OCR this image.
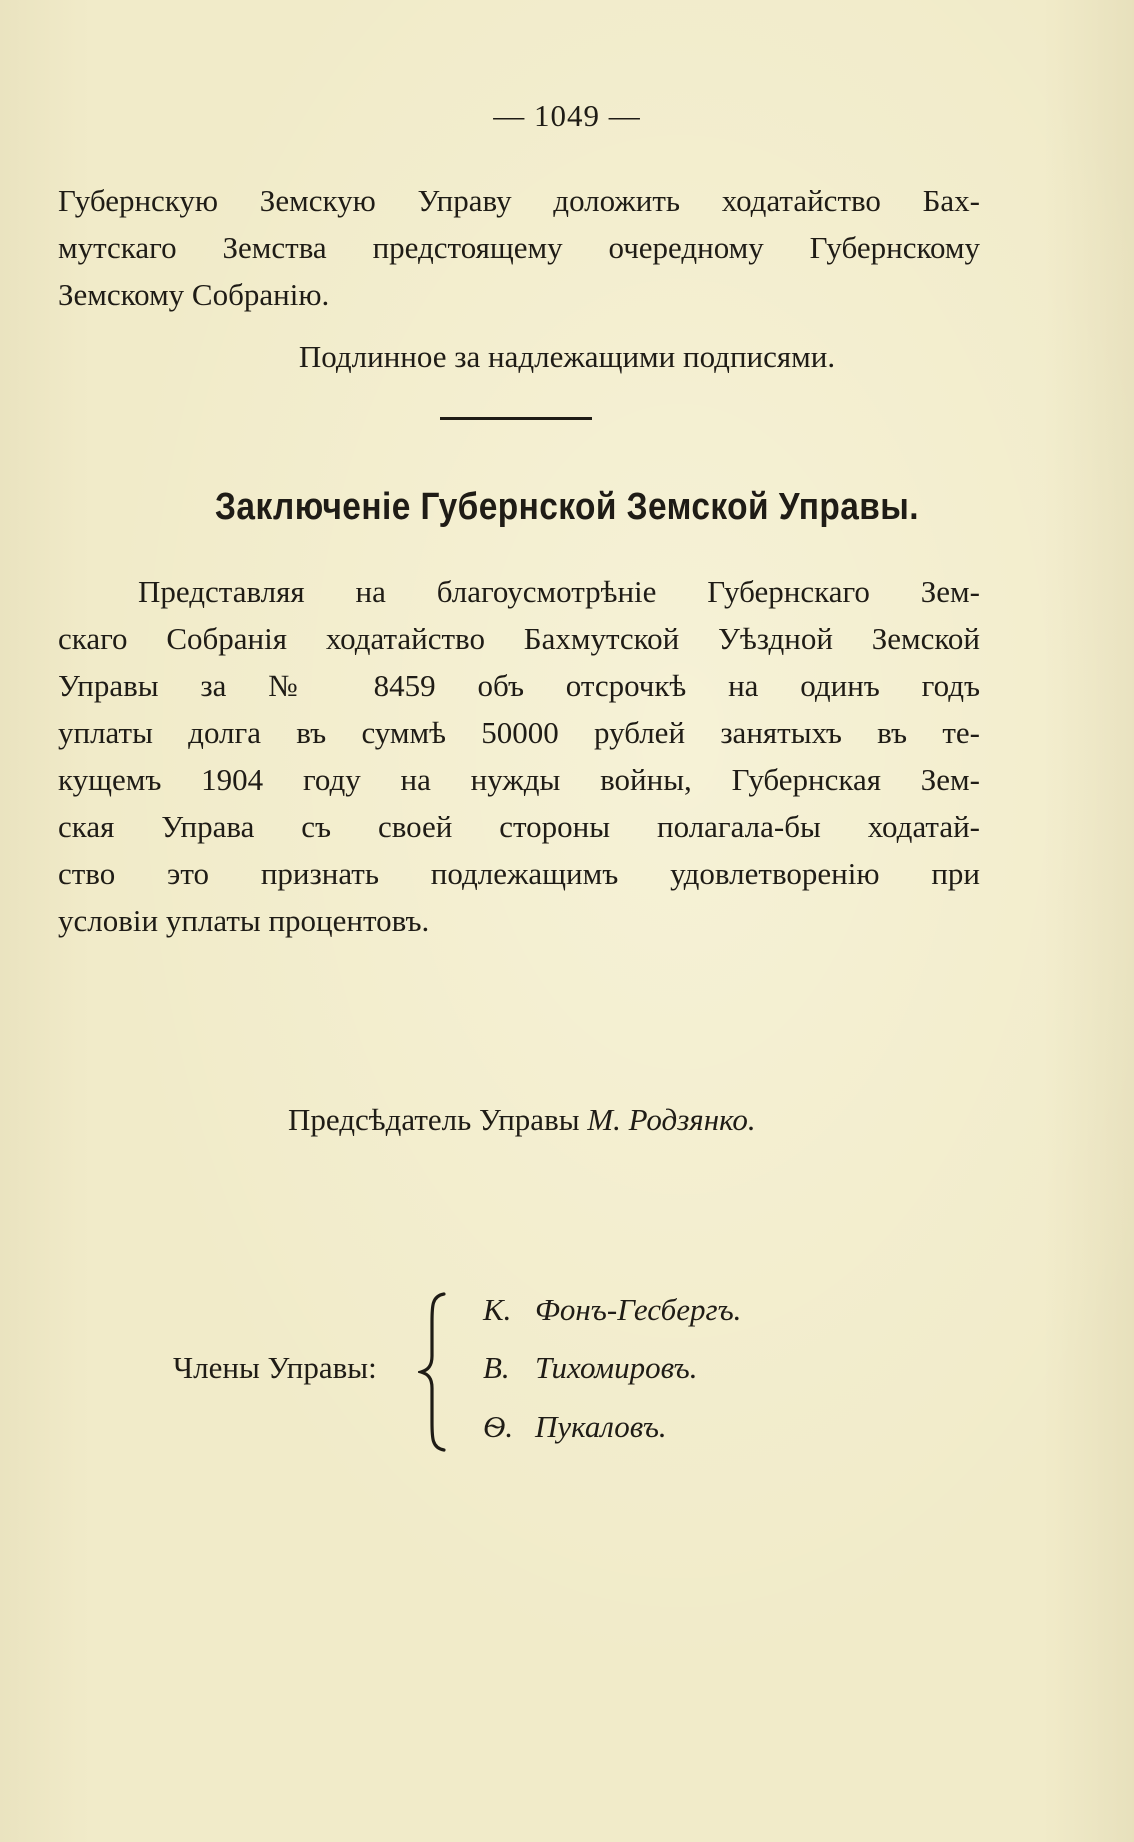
— 1049 —
Губернскую Земскую Управу доложить ходатайство Бах-
мутскаго Земства предстоящему очередному Губернскому
Земскому Собранію.
Подлинное за надлежащими подписями.
Заключеніе Губернской Земской Управы.
Представляя на благоусмотрѣніе Губернскаго Зем-
скаго Собранія ходатайство Бахмутской Уѣздной Земской
Управы за № 8459 объ отсрочкѣ на одинъ годъ
уплаты долга въ суммѣ 50000 рублей занятыхъ въ те-
кущемъ 1904 году на нужды войны, Губернская Зем-
ская Управа съ своей стороны полагала-бы ходатай-
ство это признать подлежащимъ удовлетворенію при
условіи уплаты процентовъ.
Предсѣдатель Управы М. Родзянко.
Члены Управы:
К. Фонъ-Гесбергъ.
В. Тихомировъ.
Ѳ. Пукаловъ.
